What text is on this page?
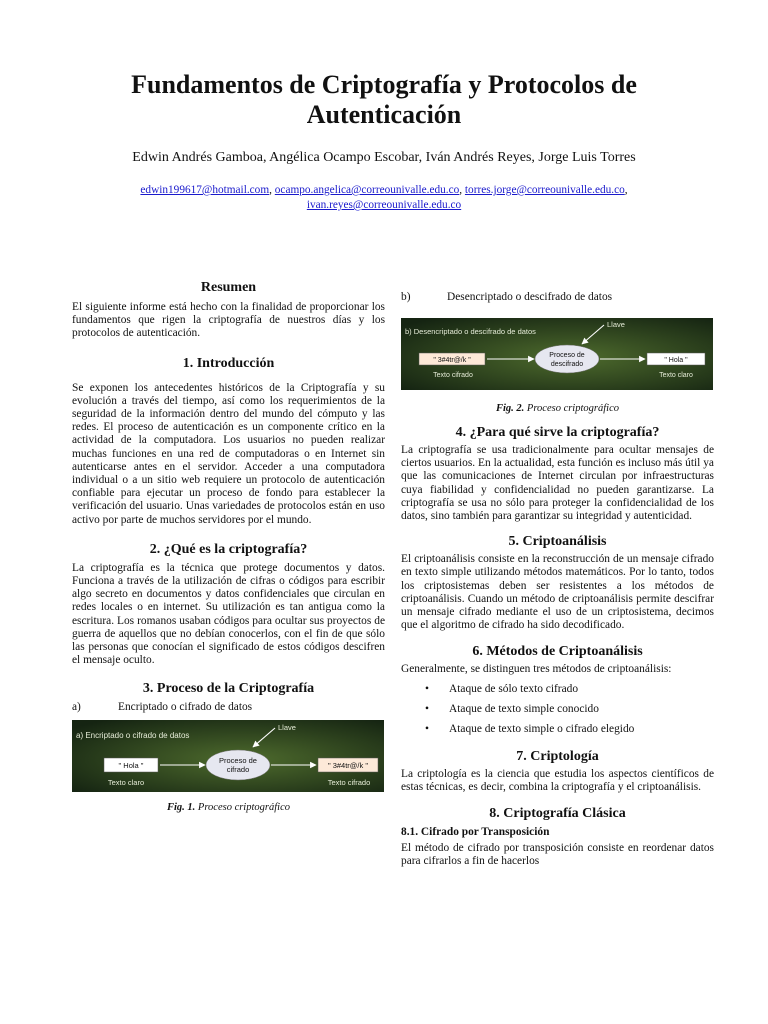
Fundamentos de Criptografía y Protocolos de Autenticación

Edwin Andrés Gamboa, Angélica Ocampo Escobar, Iván Andrés Reyes, Jorge Luis Torres

edwin199617@hotmail.com, ocampo.angelica@correounivalle.edu.co, torres.jorge@correounivalle.edu.co,
ivan.reyes@correounivalle.edu.co

Resumen

El siguiente informe está hecho con la finalidad de proporcionar los fundamentos que rigen la criptografía de nuestros días y los protocolos de autenticación.

1. Introducción

Se exponen los antecedentes históricos de la Criptografía y su evolución a través del tiempo, así como los requerimientos de la seguridad de la información dentro del mundo del cómputo y las redes. El proceso de autenticación es un componente crítico en la actividad de la computadora. Los usuarios no pueden realizar muchas funciones en una red de computadoras o en Internet sin autenticarse antes en el servidor. Acceder a una computadora individual o a un sitio web requiere un protocolo de autenticación confiable para ejecutar un proceso de fondo para establecer la verificación del usuario. Unas variedades de protocolos están en uso activo por parte de muchos servidores por el mundo.

2. ¿Qué es la criptografía?

La criptografía es la técnica que protege documentos y datos. Funciona a través de la utilización de cifras o códigos para escribir algo secreto en documentos y datos confidenciales que circulan en redes locales o en internet. Su utilización es tan antigua como la escritura. Los romanos usaban códigos para ocultar sus proyectos de guerra de aquellos que no debían conocerlos, con el fin de que sólo las personas que conocían el significado de estos códigos descifren el mensaje oculto.

3. Proceso de la Criptografía
a)	Encriptado o cifrado de datos
a) Encriptado o cifrado de datos
Llave
" Hola "
Texto claro
Proceso de
cifrado	" 3#4tr@/k "
Texto cifrado
Fig. 1. Proceso criptográfico
b)	Desencriptado o descifrado de datos
b) Desencriptado o descifrado de datos
Llave
" 3#4tr@/k "
Texto cifrado
Proceso de
descifrado
" Hola "
Texto claro
Fig. 2. Proceso criptográfico
4. ¿Para qué sirve la criptografía?

La criptografía se usa tradicionalmente para ocultar mensajes de ciertos usuarios. En la actualidad, esta función es incluso más útil ya que las comunicaciones de Internet circulan por infraestructuras cuya fiabilidad y confidencialidad no pueden garantizarse. La criptografía se usa no sólo para proteger la confidencialidad de los datos, sino también para garantizar su integridad y autenticidad.

5. Criptoanálisis

El criptoanálisis consiste en la reconstrucción de un mensaje cifrado en texto simple utilizando métodos matemáticos. Por lo tanto, todos los criptosistemas deben ser resistentes a los métodos de criptoanálisis. Cuando un método de criptoanálisis permite descifrar un mensaje cifrado mediante el uso de un criptosistema, decimos que el algoritmo de cifrado ha sido decodificado.

6. Métodos de Criptoanálisis

Generalmente, se distinguen tres métodos de criptoanálisis:

•	Ataque de sólo texto cifrado
•	Ataque de texto simple conocido
•	Ataque de texto simple o cifrado elegido
7. Criptología

La criptología es la ciencia que estudia los aspectos científicos de estas técnicas, es decir, combina la criptografía y el criptoanálisis.

8. Criptografía Clásica
8.1. Cifrado por Transposición

El método de cifrado por transposición consiste en reordenar datos para cifrarlos a fin de hacerlos
